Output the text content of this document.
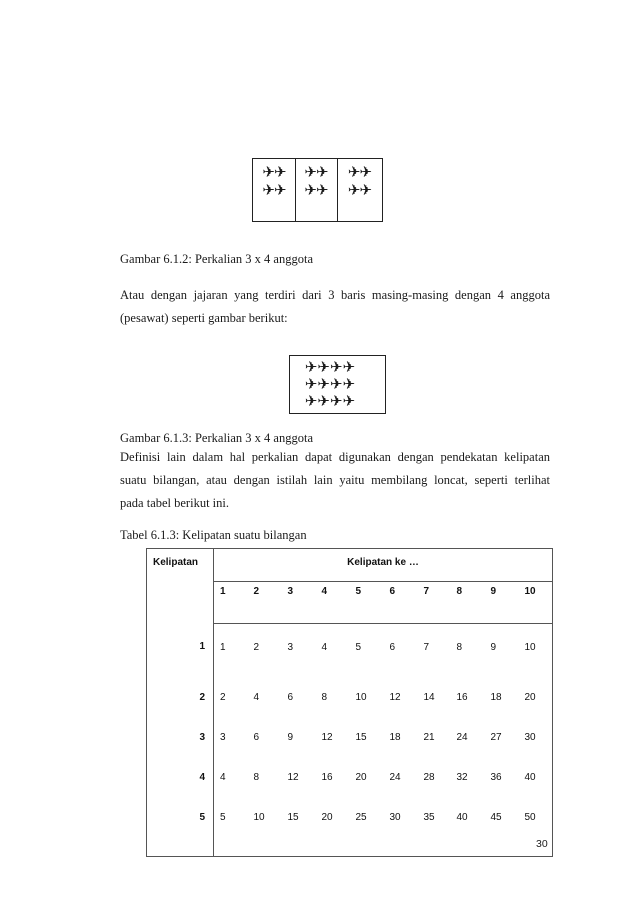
✈✈
✈✈
✈✈
✈✈
✈✈
✈✈
Gambar 6.1.2: Perkalian 3 x 4 anggota
Atau dengan jajaran yang terdiri dari 3 baris masing-masing dengan 4 anggota
(pesawat) seperti gambar berikut:
✈✈✈✈
✈✈✈✈
✈✈✈✈
Gambar 6.1.3: Perkalian 3 x 4 anggota
Definisi lain dalam hal perkalian dapat digunakan dengan pendekatan kelipatan
suatu bilangan, atau dengan istilah lain yaitu membilang loncat, seperti terlihat
pada tabel berikut ini.
Tabel 6.1.3: Kelipatan suatu bilangan
Kelipatan	Kelipatan ke …									
	1	2	3	4	5	6	7	8	9	10
1	1	2	3	4	5	6	7	8	9	10
2	2	4	6	8	10	12	14	16	18	20
3	3	6	9	12	15	18	21	24	27	30
4	4	8	12	16	20	24	28	32	36	40
5	5	10	15	20	25	30	35	40	45	50
30
